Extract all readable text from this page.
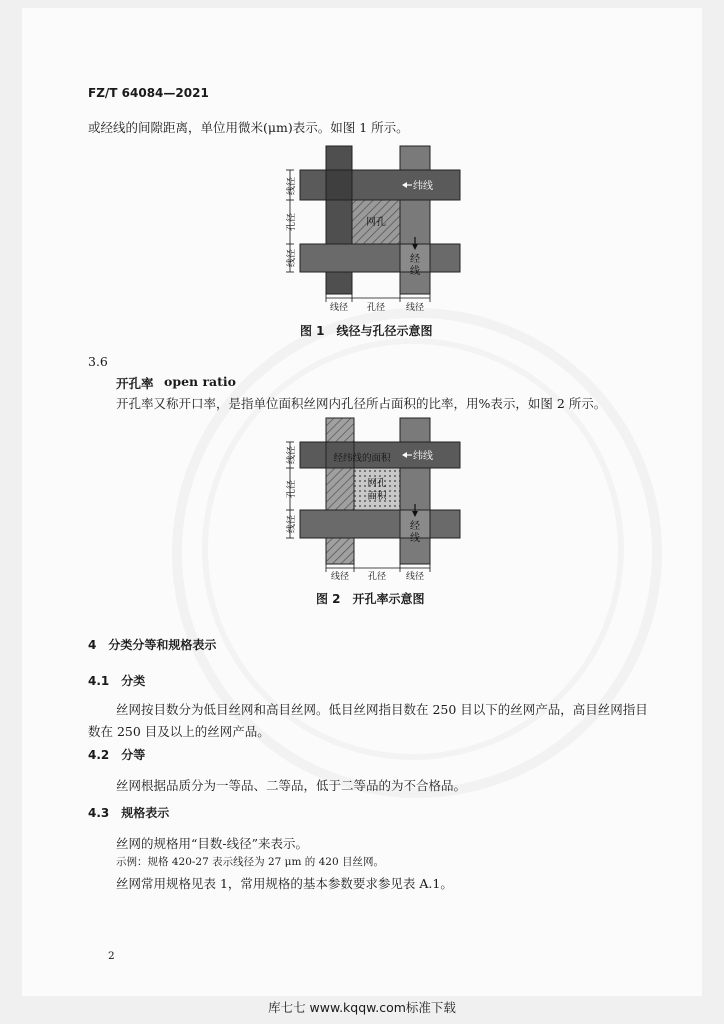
FZ/T 64084—2021
或经线的间隙距离，单位用微米(μm)表示。如图 1 所示。
网孔
纬线
经
线
线径
孔径
线径
线径 孔径 线径
图 1　线径与孔径示意图
3.6
开孔率 open ratio
开孔率又称开口率，是指单位面积丝网内孔径所占面积的比率，用%表示，如图 2 所示。
经纬线的面积
网孔
面积
纬线
经
线
线径
孔径
线径
线径 孔径 线径
图 2　开孔率示意图
4　分类分等和规格表示
4.1　分类
丝网按目数分为低目丝网和高目丝网。低目丝网指目数在 250 目以下的丝网产品，高目丝网指目
数在 250 目及以上的丝网产品。
4.2　分等
丝网根据品质分为一等品、二等品，低于二等品的为不合格品。
4.3　规格表示
丝网的规格用“目数-线径”来表示。
示例：规格 420-27 表示线径为 27 μm 的 420 目丝网。
丝网常用规格见表 1，常用规格的基本参数要求参见表 A.1。
2
库七七 www.kqqw.com标准下载
